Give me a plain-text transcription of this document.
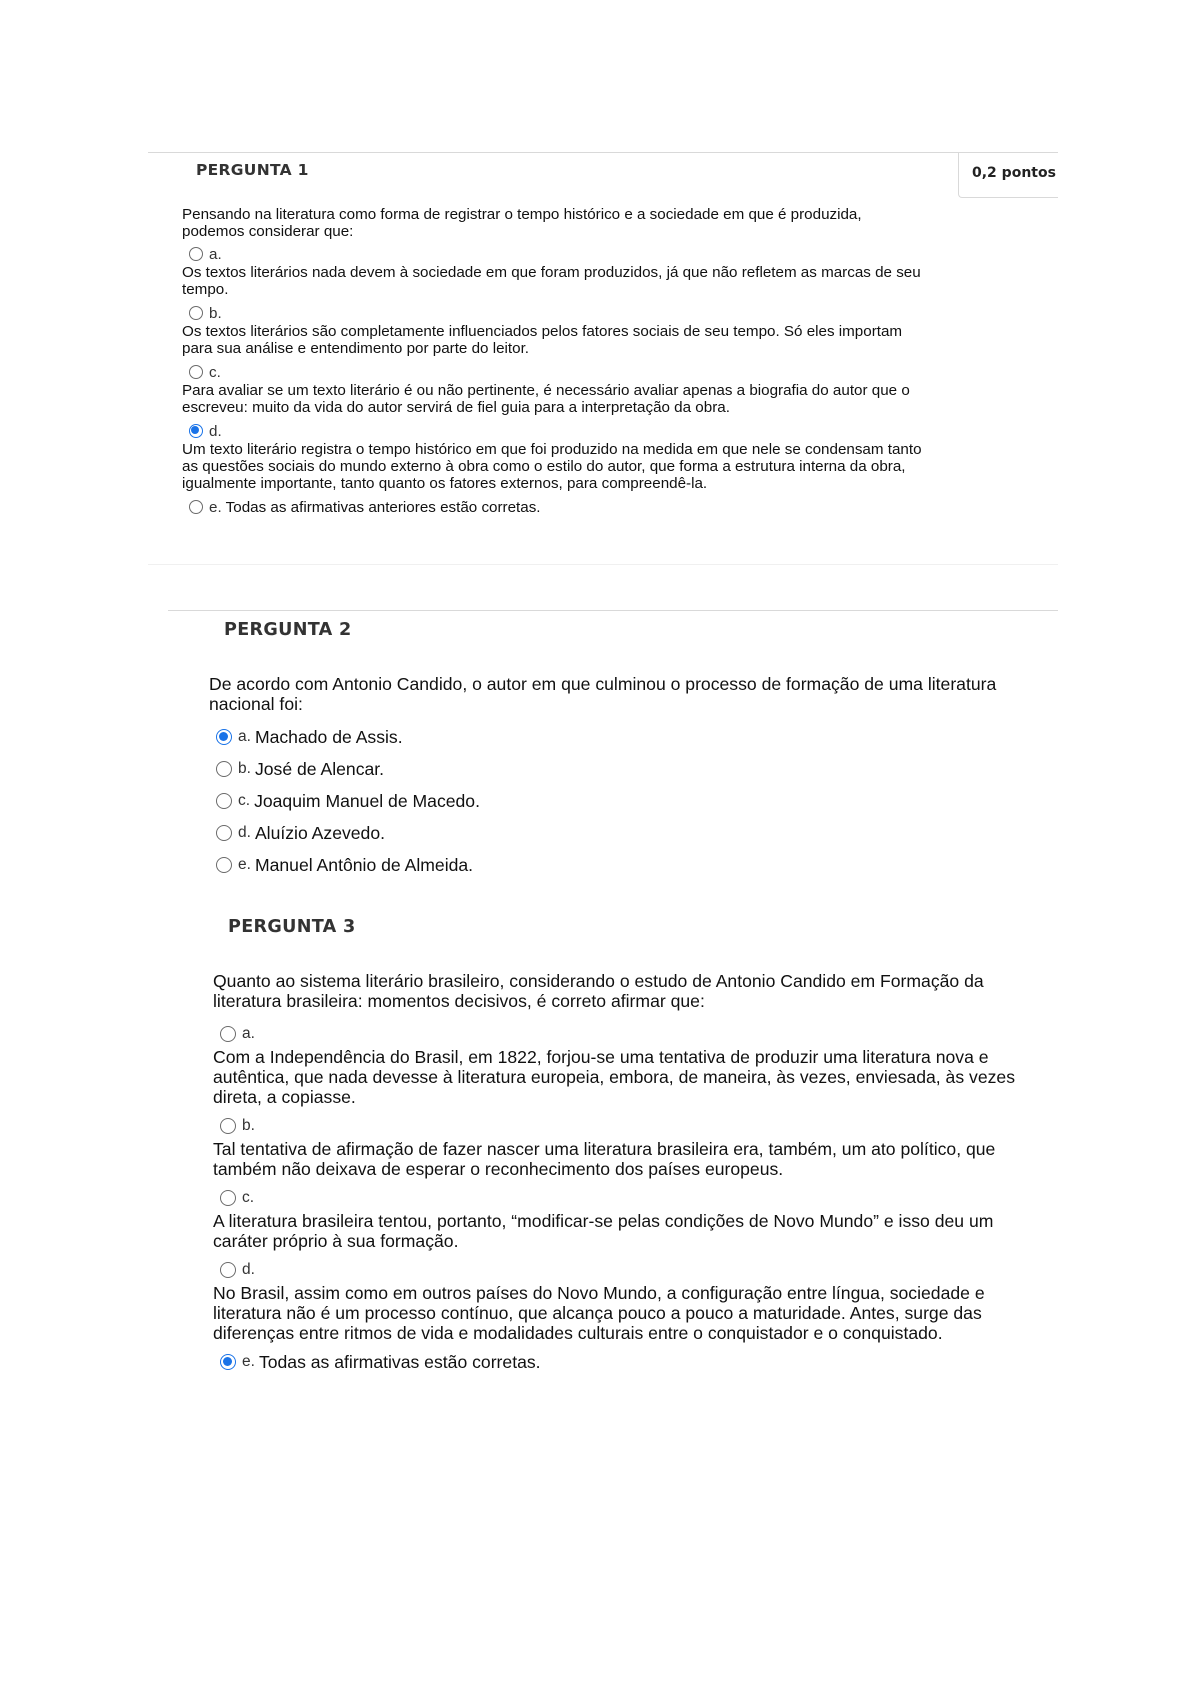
PERGUNTA 1	0,2 pontos

Pensando na literatura como forma de registrar o tempo histórico e a sociedade em que é produzida, podemos considerar que:

a.
Os textos literários nada devem à sociedade em que foram produzidos, já que não refletem as marcas de seu tempo.
b.
Os textos literários são completamente influenciados pelos fatores sociais de seu tempo. Só eles importam para sua análise e entendimento por parte do leitor.
c.
Para avaliar se um texto literário é ou não pertinente, é necessário avaliar apenas a biografia do autor que o escreveu: muito da vida do autor servirá de fiel guia para a interpretação da obra.
d.
Um texto literário registra o tempo histórico em que foi produzido na medida em que nele se condensam tanto as questões sociais do mundo externo à obra como o estilo do autor, que forma a estrutura interna da obra, igualmente importante, tanto quanto os fatores externos, para compreendê-la.
e. Todas as afirmativas anteriores estão corretas.
PERGUNTA 2

De acordo com Antonio Candido, o autor em que culminou o processo de formação de uma literatura nacional foi:

a. Machado de Assis.
b. José de Alencar.
c. Joaquim Manuel de Macedo.
d. Aluízio Azevedo.
e. Manuel Antônio de Almeida.
PERGUNTA 3

Quanto ao sistema literário brasileiro, considerando o estudo de Antonio Candido em Formação da literatura brasileira: momentos decisivos, é correto afirmar que:

a.
Com a Independência do Brasil, em 1822, forjou-se uma tentativa de produzir uma literatura nova e autêntica, que nada devesse à literatura europeia, embora, de maneira, às vezes, enviesada, às vezes direta, a copiasse.
b.
Tal tentativa de afirmação de fazer nascer uma literatura brasileira era, também, um ato político, que também não deixava de esperar o reconhecimento dos países europeus.
c.
A literatura brasileira tentou, portanto, “modificar-se pelas condições de Novo Mundo” e isso deu um caráter próprio à sua formação.
d.
No Brasil, assim como em outros países do Novo Mundo, a configuração entre língua, sociedade e literatura não é um processo contínuo, que alcança pouco a pouco a maturidade. Antes, surge das diferenças entre ritmos de vida e modalidades culturais entre o conquistador e o conquistado.
e. Todas as afirmativas estão corretas.
